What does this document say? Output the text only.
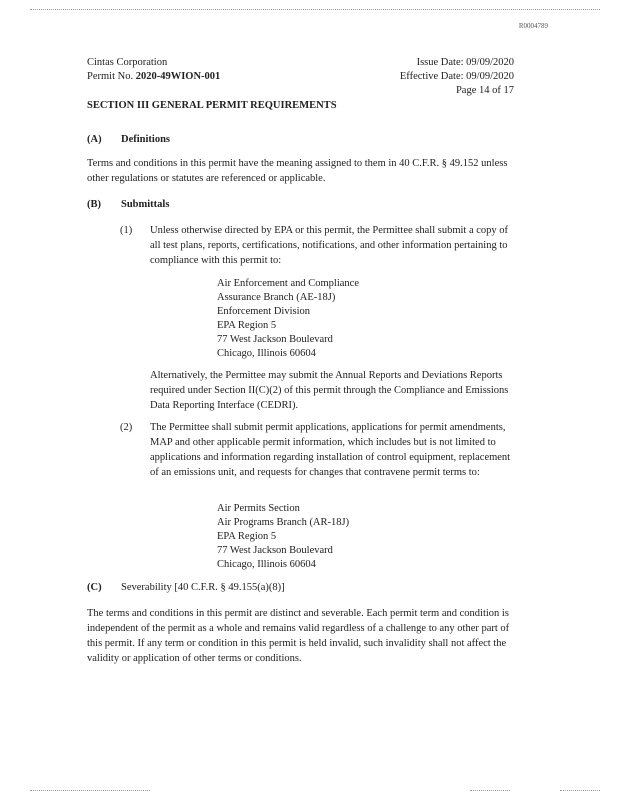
R0004789
Cintas Corporation
Permit No. 2020-49WION-001
Issue Date: 09/09/2020
Effective Date: 09/09/2020
Page 14 of 17
SECTION III GENERAL PERMIT REQUIREMENTS
(A)	Definitions
Terms and conditions in this permit have the meaning assigned to them in 40 C.F.R. § 49.152 unless other regulations or statutes are referenced or applicable.
(B)	Submittals
(1)	Unless otherwise directed by EPA or this permit, the Permittee shall submit a copy of all test plans, reports, certifications, notifications, and other information pertaining to compliance with this permit to:
Air Enforcement and Compliance
Assurance Branch (AE-18J)
Enforcement Division
EPA Region 5
77 West Jackson Boulevard
Chicago, Illinois 60604
Alternatively, the Permittee may submit the Annual Reports and Deviations Reports required under Section II(C)(2) of this permit through the Compliance and Emissions Data Reporting Interface (CEDRI).
(2)	The Permittee shall submit permit applications, applications for permit amendments, MAP and other applicable permit information, which includes but is not limited to applications and information regarding installation of control equipment, replacement of an emissions unit, and requests for changes that contravene permit terms to:
Air Permits Section
Air Programs Branch (AR-18J)
EPA Region 5
77 West Jackson Boulevard
Chicago, Illinois 60604
(C)	Severability [40 C.F.R. § 49.155(a)(8)]
The terms and conditions in this permit are distinct and severable. Each permit term and condition is independent of the permit as a whole and remains valid regardless of a challenge to any other part of this permit. If any term or condition in this permit is held invalid, such invalidity shall not affect the validity or application of other terms or conditions.
